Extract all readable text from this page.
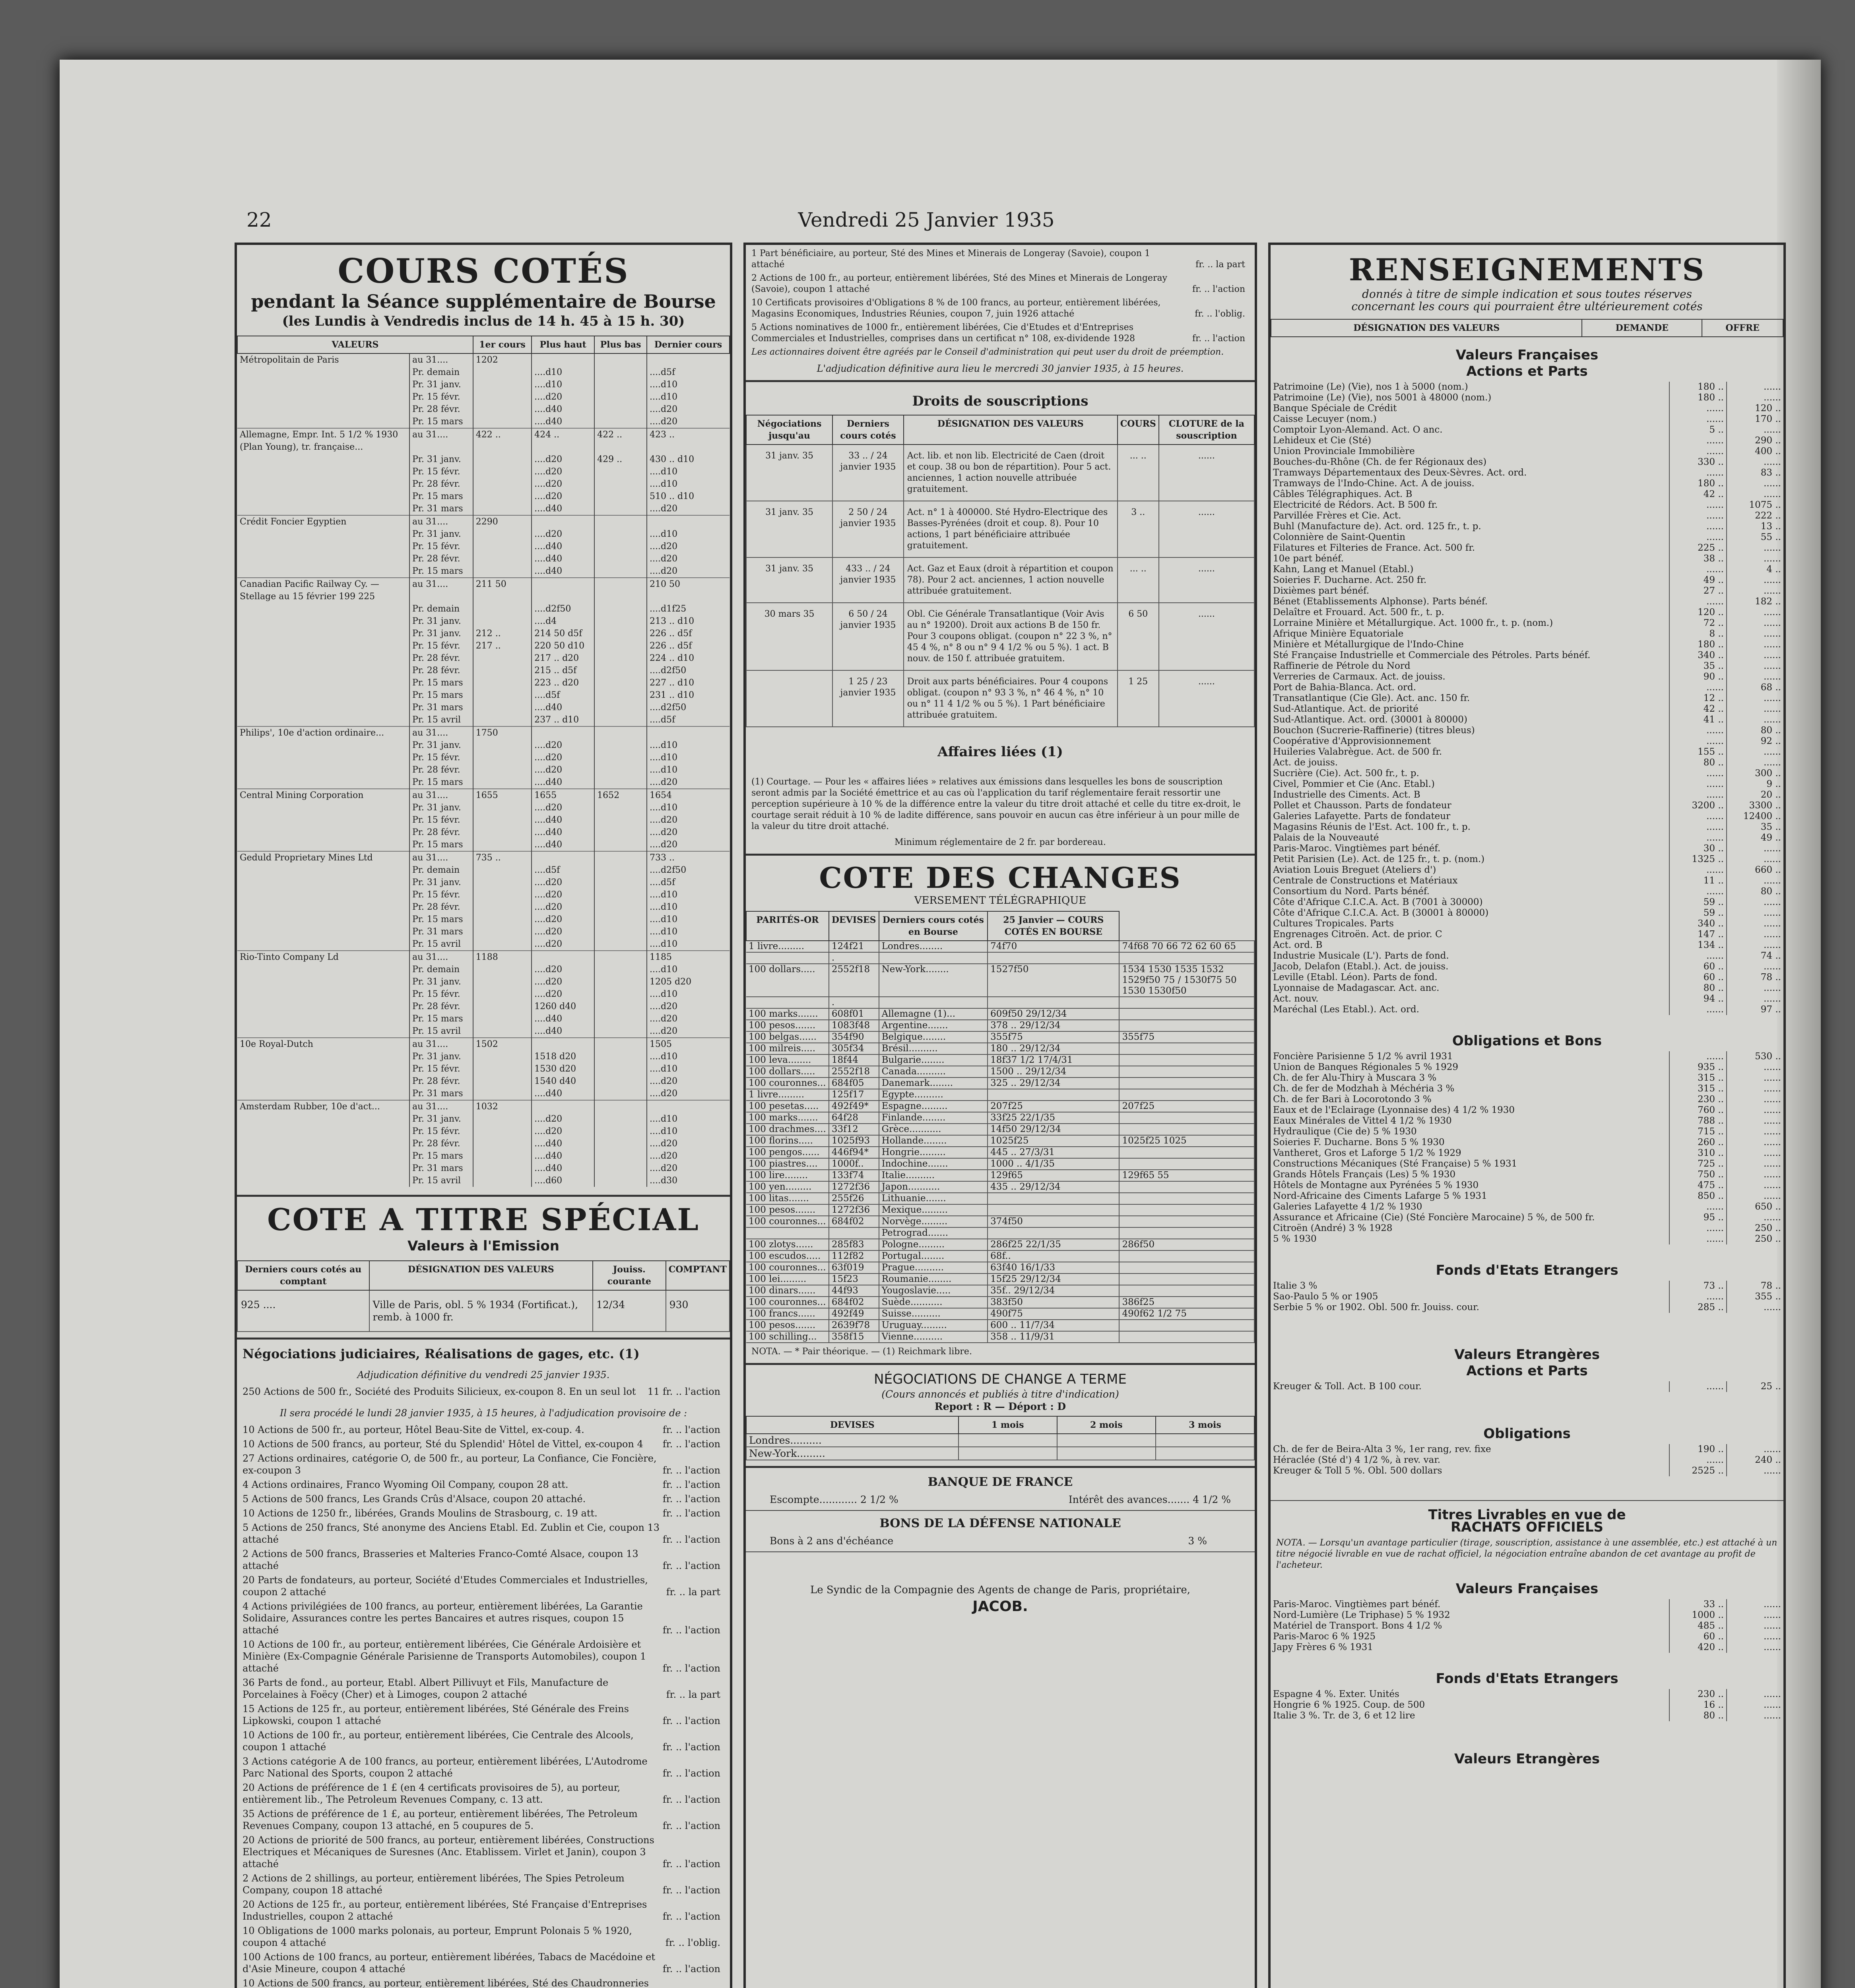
22	Vendredi 25 Janvier 1935
COURS COTÉS
pendant la Séance supplémentaire de Bourse
(les Lundis à Vendredis inclus de 14 h. 45 à 15 h. 30)
VALEURS		1er cours	Plus haut	Plus bas	Dernier cours
Métropolitain de Paris	au 31....	1202			
	Pr. demain		....d10		....d5f
	Pr. 31 janv.		....d10		....d10
	Pr. 15 févr.		....d20		....d10
	Pr. 28 févr.		....d40		....d20
	Pr. 15 mars		....d40		....d20
Allemagne, Empr. Int. 5 1/2 % 1930 (Plan Young), tr. française...	au 31....	422 ..	424 ..	422 ..	423 ..
	Pr. 31 janv.		....d20	429 ..	430 .. d10
	Pr. 15 févr.		....d20		....d10
	Pr. 28 févr.		....d20		....d10
	Pr. 15 mars		....d20		510 .. d10
	Pr. 31 mars		....d40		....d20
Crédit Foncier Egyptien	au 31....	2290			
	Pr. 31 janv.		....d20		....d10
	Pr. 15 févr.		....d40		....d20
	Pr. 28 févr.		....d40		....d20
	Pr. 15 mars		....d40		....d20
Canadian Pacific Railway Cy. — Stellage au 15 février 199 225	au 31....	211 50			210 50
	Pr. demain		....d2f50		....d1f25
	Pr. 31 janv.		....d4		213 .. d10
	Pr. 31 janv.	212 ..	214 50 d5f		226 .. d5f
	Pr. 15 févr.	217 ..	220 50 d10		226 .. d5f
	Pr. 28 févr.		217 .. d20		224 .. d10
	Pr. 28 févr.		215 .. d5f		....d2f50
	Pr. 15 mars		223 .. d20		227 .. d10
	Pr. 15 mars		....d5f		231 .. d10
	Pr. 31 mars		....d40		....d2f50
	Pr. 15 avril		237 .. d10		....d5f
Philips', 10e d'action ordinaire...	au 31....	1750			
	Pr. 31 janv.		....d20		....d10
	Pr. 15 févr.		....d20		....d10
	Pr. 28 févr.		....d20		....d10
	Pr. 15 mars		....d40		....d20
Central Mining Corporation	au 31....	1655	1655	1652	1654
	Pr. 31 janv.		....d20		....d10
	Pr. 15 févr.		....d40		....d20
	Pr. 28 févr.		....d40		....d20
	Pr. 15 mars		....d40		....d20
Geduld Proprietary Mines Ltd	au 31....	735 ..			733 ..
	Pr. demain		....d5f		....d2f50
	Pr. 31 janv.		....d20		....d5f
	Pr. 15 févr.		....d20		....d10
	Pr. 28 févr.		....d20		....d10
	Pr. 15 mars		....d20		....d10
	Pr. 31 mars		....d20		....d10
	Pr. 15 avril		....d20		....d10
Rio-Tinto Company Ld	au 31....	1188			1185
	Pr. demain		....d20		....d10
	Pr. 31 janv.		....d20		1205 d20
	Pr. 15 févr.		....d20		....d10
	Pr. 28 févr.		1260 d40		....d20
	Pr. 15 mars		....d40		....d20
	Pr. 15 avril		....d40		....d20
10e Royal-Dutch	au 31....	1502			1505
	Pr. 31 janv.		1518 d20		....d10
	Pr. 15 févr.		1530 d20		....d10
	Pr. 28 févr.		1540 d40		....d20
	Pr. 31 mars		....d40		....d20
Amsterdam Rubber, 10e d'act...	au 31....	1032			
	Pr. 31 janv.		....d20		....d10
	Pr. 15 févr.		....d20		....d10
	Pr. 28 févr.		....d40		....d20
	Pr. 15 mars		....d40		....d20
	Pr. 31 mars		....d40		....d20
	Pr. 15 avril		....d60		....d30
COTE A TITRE SPÉCIAL
Valeurs à l'Emission
Derniers cours cotés au comptant	DÉSIGNATION DES VALEURS	Jouiss. courante	COMPTANT
925 ....	Ville de Paris, obl. 5 % 1934 (Fortificat.), remb. à 1000 fr.	12/34	930
Négociations judiciaires, Réalisations de gages, etc. (1)
Adjudication définitive du vendredi 25 janvier 1935.
250 Actions de 500 fr., Société des Produits Silicieux, ex-coupon 8. En un seul lot 11 fr. .. l'action
Il sera procédé le lundi 28 janvier 1935, à 15 heures, à l'adjudication provisoire de :
10 Actions de 500 fr., au porteur, Hôtel Beau-Site de Vittel, ex-coup. 4.	fr. .. l'action
10 Actions de 500 francs, au porteur, Sté du Splendid' Hôtel de Vittel, ex-coupon 4 fr. .. l'action
27 Actions ordinaires, catégorie O, de 500 fr., au porteur, La Confiance, Cie Foncière, ex-coupon 3	fr. .. l'action
4 Actions ordinaires, Franco Wyoming Oil Company, coupon 28 att.	fr. .. l'action
5 Actions de 500 francs, Les Grands Crûs d'Alsace, coupon 20 attaché.	fr. .. l'action
10 Actions de 1250 fr., libérées, Grands Moulins de Strasbourg, c. 19 att.	fr. .. l'action
5 Actions de 250 francs, Sté anonyme des Anciens Etabl. Ed. Zublin et Cie, coupon 13 attaché	fr. .. l'action
2 Actions de 500 francs, Brasseries et Malteries Franco-Comté Alsace, coupon 13 attaché	fr. .. l'action
20 Parts de fondateurs, au porteur, Société d'Etudes Commerciales et Industrielles, coupon 2 attaché	fr. .. la part
4 Actions privilégiées de 100 francs, au porteur, entièrement libérées, La Garantie Solidaire, Assurances contre les pertes Bancaires et autres risques, coupon 15 attaché	fr. .. l'action
10 Actions de 100 fr., au porteur, entièrement libérées, Cie Générale Ardoisière et Minière (Ex-Compagnie Générale Parisienne de Transports Automobiles), coupon 1 attaché	fr. .. l'action
36 Parts de fond., au porteur, Etabl. Albert Pillivuyt et Fils, Manufacture de Porcelaines à Foëcy (Cher) et à Limoges, coupon 2 attaché	fr. .. la part
15 Actions de 125 fr., au porteur, entièrement libérées, Sté Générale des Freins Lipkowski, coupon 1 attaché	fr. .. l'action
10 Actions de 100 fr., au porteur, entièrement libérées, Cie Centrale des Alcools, coupon 1 attaché	fr. .. l'action
3 Actions catégorie A de 100 francs, au porteur, entièrement libérées, L'Autodrome Parc National des Sports, coupon 2 attaché	fr. .. l'action
20 Actions de préférence de 1 £ (en 4 certificats provisoires de 5), au porteur, entièrement lib., The Petroleum Revenues Company, c. 13 att.	fr. .. l'action
35 Actions de préférence de 1 £, au porteur, entièrement libérées, The Petroleum Revenues Company, coupon 13 attaché, en 5 coupures de 5.	fr. .. l'action
20 Actions de priorité de 500 francs, au porteur, entièrement libérées, Constructions Electriques et Mécaniques de Suresnes (Anc. Etablissem. Virlet et Janin), coupon 3 attaché	fr. .. l'action
2 Actions de 2 shillings, au porteur, entièrement libérées, The Spies Petroleum Company, coupon 18 attaché	fr. .. l'action
20 Actions de 125 fr., au porteur, entièrement libérées, Sté Française d'Entreprises Industrielles, coupon 2 attaché	fr. .. l'action
10 Obligations de 1000 marks polonais, au porteur, Emprunt Polonais 5 % 1920, coupon 4 attaché	fr. .. l'oblig.
100 Actions de 100 francs, au porteur, entièrement libérées, Tabacs de Macédoine et d'Asie Mineure, coupon 4 attaché	fr. .. l'action
10 Actions de 500 francs, au porteur, entièrement libérées, Sté des Chaudronneries
1 Part bénéficiaire, au porteur, Sté des Mines et Minerais de Longeray (Savoie), coupon 1 attaché	fr. .. la part
2 Actions de 100 fr., au porteur, entièrement libérées, Sté des Mines et Minerais de Longeray (Savoie), coupon 1 attaché	fr. .. l'action
10 Certificats provisoires d'Obligations 8 % de 100 francs, au porteur, entièrement libérées, Magasins Economiques, Industries Réunies, coupon 7, juin 1926 attaché	fr. .. l'oblig.
5 Actions nominatives de 1000 fr., entièrement libérées, Cie d'Etudes et d'Entreprises Commerciales et Industrielles, comprises dans un certificat n° 108, ex-dividende 1928	fr. .. l'action
Les actionnaires doivent être agréés par le Conseil d'administration qui peut user du droit de préemption.
L'adjudication définitive aura lieu le mercredi 30 janvier 1935, à 15 heures.
Droits de souscriptions
Négociations jusqu'au	Derniers cours cotés	DÉSIGNATION DES VALEURS	COURS	CLOTURE de la souscription
31 janv. 35	33 .. / 24 janvier 1935	Act. lib. et non lib. Electricité de Caen (droit et coup. 38 ou bon de répartition). Pour 5 act. anciennes, 1 action nouvelle attribuée gratuitement.	... ..	......
31 janv. 35	2 50 / 24 janvier 1935	Act. n° 1 à 400000. Sté Hydro-Electrique des Basses-Pyrénées (droit et coup. 8). Pour 10 actions, 1 part bénéficiaire attribuée gratuitement.	3 ..	......
31 janv. 35	433 .. / 24 janvier 1935	Act. Gaz et Eaux (droit à répartition et coupon 78). Pour 2 act. anciennes, 1 action nouvelle attribuée gratuitement.	... ..	......
30 mars 35	6 50 / 24 janvier 1935	Obl. Cie Générale Transatlantique (Voir Avis au n° 19200). Droit aux actions B de 150 fr. Pour 3 coupons obligat. (coupon n° 22 3 %, n° 45 4 %, n° 8 ou n° 9 4 1/2 % ou 5 %). 1 act. B nouv. de 150 f. attribuée gratuitem.	6 50	......
	1 25 / 23 janvier 1935	Droit aux parts bénéficiaires. Pour 4 coupons obligat. (coupon n° 93 3 %, n° 46 4 %, n° 10 ou n° 11 4 1/2 % ou 5 %). 1 Part bénéficiaire attribuée gratuitem.	1 25	......
Affaires liées (1)
(1) Courtage. — Pour les « affaires liées » relatives aux émissions dans lesquelles les bons de souscription seront admis par la Société émettrice et au cas où l'application du tarif réglementaire ferait ressortir une perception supérieure à 10 % de la différence entre la valeur du titre droit attaché et celle du titre ex-droit, le courtage serait réduit à 10 % de ladite différence, sans pouvoir en aucun cas être inférieur à un pour mille de la valeur du titre droit attaché.
Minimum réglementaire de 2 fr. par bordereau.
COTE DES CHANGES
VERSEMENT TÉLÉGRAPHIQUE
PARITÉS-OR	DEVISES	Derniers cours cotés en Bourse	25 Janvier — COURS COTÉS EN BOURSE	
1 livre.........	124f21	Londres........	74f70	74f68 70 66 72 62 60 65
	.			
100 dollars.....	2552f18	New-York........	1527f50	1534 1530 1535 1532 1529f50 75 / 1530f75 50 1530 1530f50
	.			
100 marks.......	608f01	Allemagne (1)...	609f50 29/12/34	
100 pesos.......	1083f48	Argentine.......	378 .. 29/12/34	
100 belgas......	354f90	Belgique........	355f75	355f75
100 milreis.....	305f34	Brésil..........	180 .. 29/12/34	
100 leva........	18f44	Bulgarie........	18f37 1/2 17/4/31	
100 dollars.....	2552f18	Canada..........	1500 .. 29/12/34	
100 couronnes...	684f05	Danemark........	325 .. 29/12/34	
1 livre.........	125f17	Egypte..........		
100 pesetas.....	492f49*	Espagne.........	207f25	207f25
100 marks.......	64f28	Finlande........	33f25 22/1/35	
100 drachmes....	33f12	Grèce...........	14f50 29/12/34	
100 florins.....	1025f93	Hollande........	1025f25	1025f25 1025
100 pengos......	446f94*	Hongrie.........	445 .. 27/3/31	
100 piastres....	1000f..	Indochine.......	1000 .. 4/1/35	
100 lire........	133f74	Italie..........	129f65	129f65 55
100 yen.........	1272f36	Japon...........	435 .. 29/12/34	
100 litas.......	255f26	Lithuanie.......		
100 pesos.......	1272f36	Mexique.........		
100 couronnes...	684f02	Norvège.........	374f50	
		Petrograd.......		
100 zlotys......	285f83	Pologne.........	286f25 22/1/35	286f50
100 escudos.....	112f82	Portugal........	68f..	
100 couronnes...	63f019	Prague..........	63f40 16/1/33	
100 lei.........	15f23	Roumanie........	15f25 29/12/34	
100 dinars......	44f93	Yougoslavie.....	35f.. 29/12/34	
100 couronnes...	684f02	Suède...........	383f50	386f25
100 francs......	492f49	Suisse..........	490f75	490f62 1/2 75
100 pesos.......	2639f78	Uruguay.........	600 .. 11/7/34	
100 schilling...	358f15	Vienne..........	358 .. 11/9/31	
NOTA. — * Pair théorique. — (1) Reichmark libre.
NÉGOCIATIONS DE CHANGE A TERME
(Cours annoncés et publiés à titre d'indication)
Report : R — Déport : D
DEVISES	1 mois	2 mois	3 mois
Londres..........			
New-York.........			
BANQUE DE FRANCE
Escompte............ 2 1/2 %	Intérêt des avances....... 4 1/2 %
BONS DE LA DÉFENSE NATIONALE
Bons à 2 ans d'échéance	3 %
Le Syndic de la Compagnie des Agents de change de Paris, propriétaire,
JACOB.
RENSEIGNEMENTS
donnés à titre de simple indication et sous toutes réserves
concernant les cours qui pourraient être ultérieurement cotés
DÉSIGNATION DES VALEURS	DEMANDE	OFFRE
Valeurs Françaises
Actions et Parts
Patrimoine (Le) (Vie), nos 1 à 5000 (nom.)	180 ..	......
Patrimoine (Le) (Vie), nos 5001 à 48000 (nom.)	180 ..	......
Banque Spéciale de Crédit	......	120 ..
Caisse Lecuyer (nom.)	......	170 ..
Comptoir Lyon-Alemand. Act. O anc.	5 ..	......
Lehideux et Cie (Sté)	......	290 ..
Union Provinciale Immobilière	......	400 ..
Bouches-du-Rhône (Ch. de fer Régionaux des)	330 ..	......
Tramways Départementaux des Deux-Sèvres. Act. ord.	......	83 ..
Tramways de l'Indo-Chine. Act. A de jouiss.	180 ..	......
Câbles Télégraphiques. Act. B	42 ..	......
Electricité de Rédors. Act. B 500 fr.	......	1075 ..
Parvillée Frères et Cie. Act.	......	222 ..
Buhl (Manufacture de). Act. ord. 125 fr., t. p.	......	13 ..
Colonnière de Saint-Quentin	......	55 ..
Filatures et Filteries de France. Act. 500 fr.	225 ..	......
10e part bénéf.	38 ..	......
Kahn, Lang et Manuel (Etabl.)	......	4 ..
Soieries F. Ducharne. Act. 250 fr.	49 ..	......
Dixièmes part bénéf.	27 ..	......
Bénet (Etablissements Alphonse). Parts bénéf.	......	182 ..
Delaître et Frouard. Act. 500 fr., t. p.	120 ..	......
Lorraine Minière et Métallurgique. Act. 1000 fr., t. p. (nom.)	72 ..	......
Afrique Minière Equatoriale	8 ..	......
Minière et Métallurgique de l'Indo-Chine	180 ..	......
Sté Française Industrielle et Commerciale des Pétroles. Parts bénéf.	340 ..	......
Raffinerie de Pétrole du Nord	35 ..	......
Verreries de Carmaux. Act. de jouiss.	90 ..	......
Port de Bahia-Blanca. Act. ord.	......	68 ..
Transatlantique (Cie Gle). Act. anc. 150 fr.	12 ..	......
Sud-Atlantique. Act. de priorité	42 ..	......
Sud-Atlantique. Act. ord. (30001 à 80000)	41 ..	......
Bouchon (Sucrerie-Raffinerie) (titres bleus)	......	80 ..
Coopérative d'Approvisionnement	......	92 ..
Huileries Valabrègue. Act. de 500 fr.	155 ..	......
Act. de jouiss.	80 ..	......
Sucrière (Cie). Act. 500 fr., t. p.	......	300 ..
Civel, Pommier et Cie (Anc. Etabl.)	......	9 ..
Industrielle des Ciments. Act. B	......	20 ..
Pollet et Chausson. Parts de fondateur	3200 ..	3300 ..
Galeries Lafayette. Parts de fondateur	......	12400 ..
Magasins Réunis de l'Est. Act. 100 fr., t. p.	......	35 ..
Palais de la Nouveauté	......	49 ..
Paris-Maroc. Vingtièmes part bénéf.	30 ..	......
Petit Parisien (Le). Act. de 125 fr., t. p. (nom.)	1325 ..	......
Aviation Louis Breguet (Ateliers d')	......	660 ..
Centrale de Constructions et Matériaux	11 ..	......
Consortium du Nord. Parts bénéf.	......	80 ..
Côte d'Afrique C.I.C.A. Act. B (7001 à 30000)	59 ..	......
Côte d'Afrique C.I.C.A. Act. B (30001 à 80000)	59 ..	......
Cultures Tropicales. Parts	340 ..	......
Engrenages Citroën. Act. de prior. C	147 ..	......
Act. ord. B	134 ..	......
Industrie Musicale (L'). Parts de fond.	......	74 ..
Jacob, Delafon (Etabl.). Act. de jouiss.	60 ..	......
Leville (Etabl. Léon). Parts de fond.	60 ..	78 ..
Lyonnaise de Madagascar. Act. anc.	80 ..	......
Act. nouv.	94 ..	......
Maréchal (Les Etabl.). Act. ord.	......	97 ..
Obligations et Bons
Foncière Parisienne 5 1/2 % avril 1931	......	530 ..
Union de Banques Régionales 5 % 1929	935 ..	......
Ch. de fer Alu-Thiry à Muscara 3 %	315 ..	......
Ch. de fer de Modzhah à Méchéria 3 %	315 ..	......
Ch. de fer Bari à Locorotondo 3 %	230 ..	......
Eaux et de l'Eclairage (Lyonnaise des) 4 1/2 % 1930	760 ..	......
Eaux Minérales de Vittel 4 1/2 % 1930	788 ..	......
Hydraulique (Cie de) 5 % 1930	715 ..	......
Soieries F. Ducharne. Bons 5 % 1930	260 ..	......
Vantheret, Gros et Laforge 5 1/2 % 1929	310 ..	......
Constructions Mécaniques (Sté Française) 5 % 1931	725 ..	......
Grands Hôtels Français (Les) 5 % 1930	750 ..	......
Hôtels de Montagne aux Pyrénées 5 % 1930	475 ..	......
Nord-Africaine des Ciments Lafarge 5 % 1931	850 ..	......
Galeries Lafayette 4 1/2 % 1930	......	650 ..
Assurance et Africaine (Cie) (Sté Foncière Marocaine) 5 %, de 500 fr.	95 ..	......
Citroën (André) 3 % 1928	......	250 ..
5 % 1930	......	250 ..
Fonds d'Etats Etrangers
Italie 3 %	73 ..	78 ..
Sao-Paulo 5 % or 1905	......	355 ..
Serbie 5 % or 1902. Obl. 500 fr. Jouiss. cour.	285 ..	......
Valeurs Etrangères
Actions et Parts
Kreuger & Toll. Act. B 100 cour.	......	25 ..
Obligations
Ch. de fer de Beira-Alta 3 %, 1er rang, rev. fixe	190 ..	......
Héraclée (Sté d') 4 1/2 %, à rev. var.	......	240 ..
Kreuger & Toll 5 %. Obl. 500 dollars	2525 ..	......
Titres Livrables en vue de
RACHATS OFFICIELS
NOTA. — Lorsqu'un avantage particulier (tirage, souscription, assistance à une assemblée, etc.) est attaché à un titre négocié livrable en vue de rachat officiel, la négociation entraîne abandon de cet avantage au profit de l'acheteur.
Valeurs Françaises
Paris-Maroc. Vingtièmes part bénéf.	33 ..	......
Nord-Lumière (Le Triphase) 5 % 1932	1000 ..	......
Matériel de Transport. Bons 4 1/2 %	485 ..	......
Paris-Maroc 6 % 1925	60 ..	......
Japy Frères 6 % 1931	420 ..	......
Fonds d'Etats Etrangers
Espagne 4 %. Exter. Unités	230 ..	......
Hongrie 6 % 1925. Coup. de 500	16 ..	......
Italie 3 %. Tr. de 3, 6 et 12 lire	80 ..	......
Valeurs Etrangères
